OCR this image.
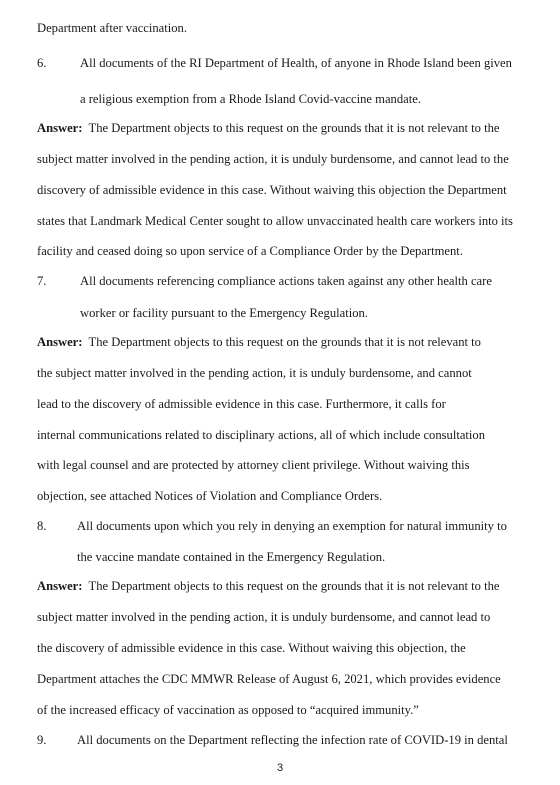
Department after vaccination.
6.	All documents of the RI Department of Health, of anyone in Rhode Island been given
a religious exemption from a Rhode Island Covid-vaccine mandate.
Answer: The Department objects to this request on the grounds that it is not relevant to the
subject matter involved in the pending action, it is unduly burdensome, and cannot lead to the
discovery of admissible evidence in this case. Without waiving this objection the Department
states that Landmark Medical Center sought to allow unvaccinated health care workers into its
facility and ceased doing so upon service of a Compliance Order by the Department.
7.	All documents referencing compliance actions taken against any other health care
worker or facility pursuant to the Emergency Regulation.
Answer: The Department objects to this request on the grounds that it is not relevant to
the subject matter involved in the pending action, it is unduly burdensome, and cannot
lead to the discovery of admissible evidence in this case. Furthermore, it calls for
internal communications related to disciplinary actions, all of which include consultation
with legal counsel and are protected by attorney client privilege. Without waiving this
objection, see attached Notices of Violation and Compliance Orders.
8. All documents upon which you rely in denying an exemption for natural immunity to
the vaccine mandate contained in the Emergency Regulation.
Answer: The Department objects to this request on the grounds that it is not relevant to the
subject matter involved in the pending action, it is unduly burdensome, and cannot lead to
the discovery of admissible evidence in this case. Without waiving this objection, the
Department attaches the CDC MMWR Release of August 6, 2021, which provides evidence
of the increased efficacy of vaccination as opposed to “acquired immunity.”
9. All documents on the Department reflecting the infection rate of COVID-19 in dental
3
